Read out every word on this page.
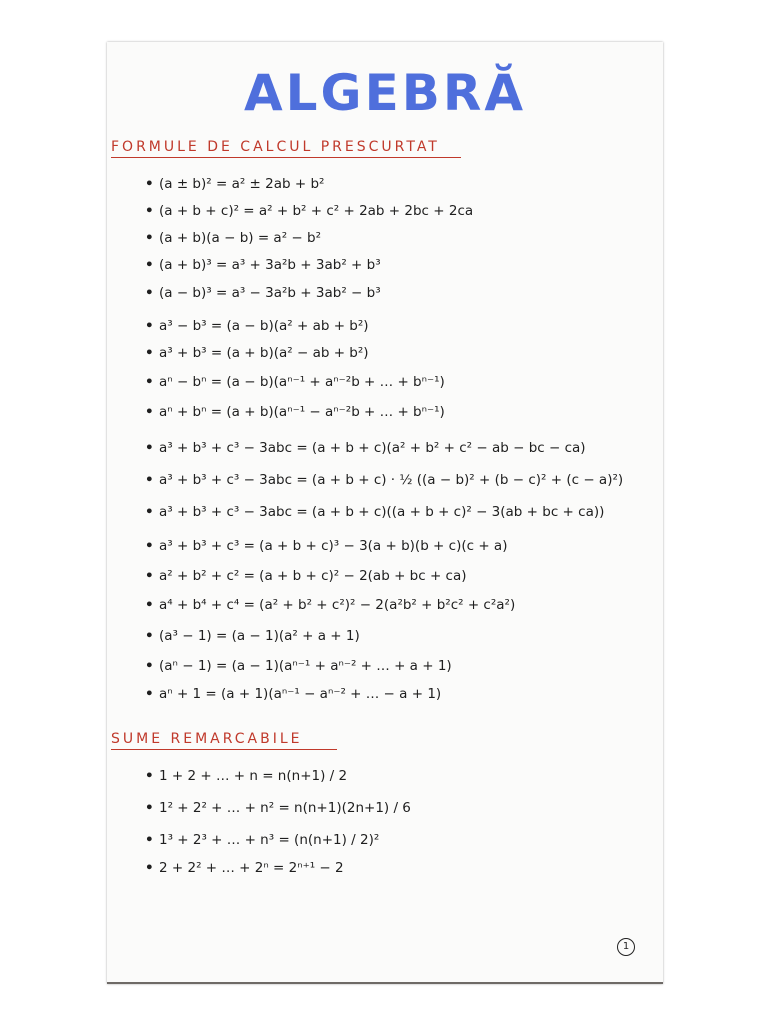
ALGEBRĂ
FORMULE DE CALCUL PRESCURTAT
• (a ± b)² = a² ± 2ab + b²
• (a + b + c)² = a² + b² + c² + 2ab + 2bc + 2ca
• (a + b)(a − b) = a² − b²
• (a + b)³ = a³ + 3a²b + 3ab² + b³
• (a − b)³ = a³ − 3a²b + 3ab² − b³
• a³ − b³ = (a − b)(a² + ab + b²)
• a³ + b³ = (a + b)(a² − ab + b²)
• aⁿ − bⁿ = (a − b)(aⁿ⁻¹ + aⁿ⁻²b + … + bⁿ⁻¹)
• aⁿ + bⁿ = (a + b)(aⁿ⁻¹ − aⁿ⁻²b + … + bⁿ⁻¹)
• a³ + b³ + c³ − 3abc = (a + b + c)(a² + b² + c² − ab − bc − ca)
• a³ + b³ + c³ − 3abc = (a + b + c) · ½ ((a − b)² + (b − c)² + (c − a)²)
• a³ + b³ + c³ − 3abc = (a + b + c)((a + b + c)² − 3(ab + bc + ca))
• a³ + b³ + c³ = (a + b + c)³ − 3(a + b)(b + c)(c + a)
• a² + b² + c² = (a + b + c)² − 2(ab + bc + ca)
• a⁴ + b⁴ + c⁴ = (a² + b² + c²)² − 2(a²b² + b²c² + c²a²)
• (a³ − 1) = (a − 1)(a² + a + 1)
• (aⁿ − 1) = (a − 1)(aⁿ⁻¹ + aⁿ⁻² + … + a + 1)
• aⁿ + 1 = (a + 1)(aⁿ⁻¹ − aⁿ⁻² + … − a + 1)
SUME REMARCABILE
• 1 + 2 + … + n = n(n+1) / 2
• 1² + 2² + … + n² = n(n+1)(2n+1) / 6
• 1³ + 2³ + … + n³ = (n(n+1) / 2)²
• 2 + 2² + … + 2ⁿ = 2ⁿ⁺¹ − 2
1
